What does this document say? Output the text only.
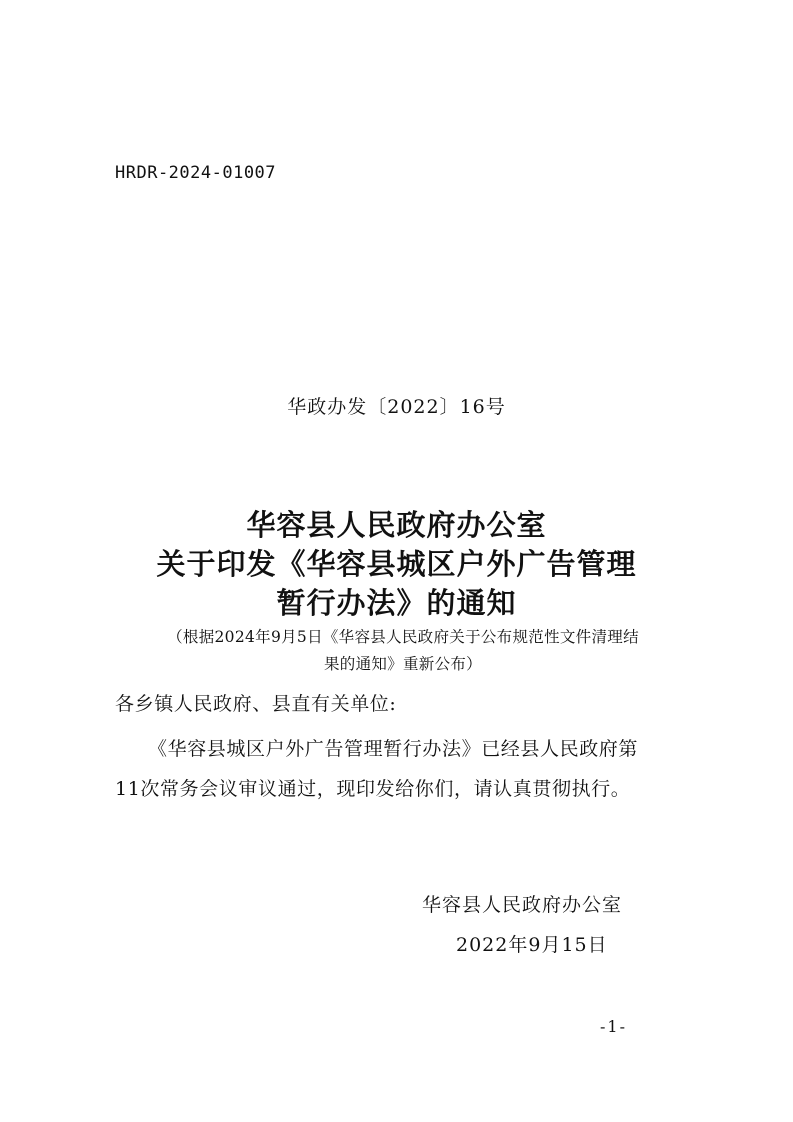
HRDR-2024-01007
华政办发〔2022〕16号
华容县人民政府办公室
关于印发《华容县城区户外广告管理
暂行办法》的通知
（根据2024年9月5日《华容县人民政府关于公布规范性文件清理结
果的通知》重新公布）
各乡镇人民政府、县直有关单位:
《华容县城区户外广告管理暂行办法》已经县人民政府第
11次常务会议审议通过，现印发给你们，请认真贯彻执行。
华容县人民政府办公室
2022年9月15日
-1-
